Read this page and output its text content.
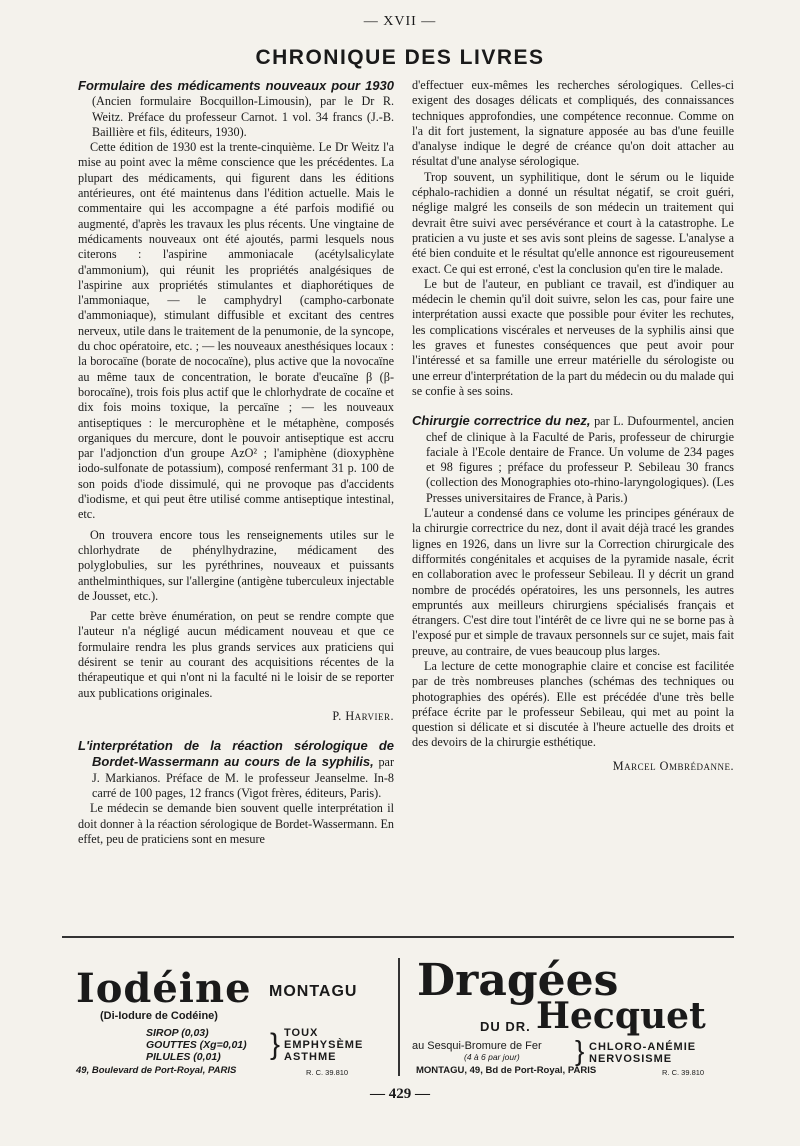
— XVII —
CHRONIQUE DES LIVRES

Formulaire des médicaments nouveaux pour 1930 (Ancien formulaire Bocquillon-Limousin), par le Dr R. Weitz. Préface du professeur Carnot. 1 vol. 34 francs (J.-B. Baillière et fils, éditeurs, 1930).

Cette édition de 1930 est la trente-cinquième. Le Dr Weitz l'a mise au point avec la même conscience que les précédentes. La plupart des médicaments, qui figurent dans les éditions antérieures, ont été maintenus dans l'édition actuelle. Mais le commentaire qui les accompagne a été parfois modifié ou augmenté, d'après les travaux les plus récents. Une vingtaine de médicaments nouveaux ont été ajoutés, parmi lesquels nous citerons : l'aspirine ammoniacale (acétylsalicylate d'ammonium), qui réunit les propriétés analgésiques de l'aspirine aux propriétés stimulantes et diaphorétiques de l'ammoniaque, — le camphydryl (campho-carbonate d'ammoniaque), stimulant diffusible et excitant des centres nerveux, utile dans le traitement de la penumonie, de la syncope, du choc opératoire, etc. ; — les nouveaux anesthésiques locaux : la borocaïne (borate de nococaïne), plus active que la novocaïne au même taux de concentration, le borate d'eucaïne β (β-borocaïne), trois fois plus actif que le chlorhydrate de cocaïne et dix fois moins toxique, la percaïne ; — les nouveaux antiseptiques : le mercurophène et le métaphène, composés organiques du mercure, dont le pouvoir antiseptique est accru par l'adjonction d'un groupe AzO² ; l'amiphène (dioxyphène iodo-sulfonate de potassium), composé renfermant 31 p. 100 de son poids d'iode dissimulé, qui ne provoque pas d'accidents d'iodisme, et qui peut être utilisé comme antiseptique intestinal, etc.

On trouvera encore tous les renseignements utiles sur le chlorhydrate de phénylhydrazine, médicament des polyglobulies, sur les pyréthrines, nouveaux et puissants anthelminthiques, sur l'allergine (antigène tuberculeux injectable de Jousset, etc.).

Par cette brève énumération, on peut se rendre compte que l'auteur n'a négligé aucun médicament nouveau et que ce formulaire rendra les plus grands services aux praticiens qui désirent se tenir au courant des acquisitions récentes de la thérapeutique et qui n'ont ni la faculté ni le loisir de se reporter aux publications originales.

P. Harvier.

L'interprétation de la réaction sérologique de Bordet-Wassermann au cours de la syphilis, par J. Markianos. Préface de M. le professeur Jeanselme. In-8 carré de 100 pages, 12 francs (Vigot frères, éditeurs, Paris).

Le médecin se demande bien souvent quelle interprétation il doit donner à la réaction sérologique de Bordet-Wassermann. En effet, peu de praticiens sont en mesure

d'effectuer eux-mêmes les recherches sérologiques. Celles-ci exigent des dosages délicats et compliqués, des connaissances techniques approfondies, une compétence reconnue. Comme on l'a dit fort justement, la signature apposée au bas d'une feuille d'analyse indique le degré de créance qu'on doit attacher au résultat d'une analyse sérologique.

Trop souvent, un syphilitique, dont le sérum ou le liquide céphalo-rachidien a donné un résultat négatif, se croit guéri, néglige malgré les conseils de son médecin un traitement qui devrait être suivi avec persévérance et court à la catastrophe. Le praticien a vu juste et ses avis sont pleins de sagesse. L'analyse a été bien conduite et le résultat qu'elle annonce est rigoureusement exact. Ce qui est erroné, c'est la conclusion qu'en tire le malade.

Le but de l'auteur, en publiant ce travail, est d'indiquer au médecin le chemin qu'il doit suivre, selon les cas, pour faire une interprétation aussi exacte que possible pour éviter les rechutes, les complications viscérales et nerveuses de la syphilis ainsi que les graves et funestes conséquences que peut avoir pour l'intéressé et sa famille une erreur matérielle du sérologiste ou une erreur d'interprétation de la part du médecin ou du malade qui se confie à ses soins.

Chirurgie correctrice du nez, par L. Dufourmentel, ancien chef de clinique à la Faculté de Paris, professeur de chirurgie faciale à l'Ecole dentaire de France. Un volume de 234 pages et 98 figures ; préface du professeur P. Sebileau 30 francs (collection des Monographies oto-rhino-laryngologiques). (Les Presses universitaires de France, à Paris.)

L'auteur a condensé dans ce volume les principes généraux de la chirurgie correctrice du nez, dont il avait déjà tracé les grandes lignes en 1926, dans un livre sur la Correction chirurgicale des difformités congénitales et acquises de la pyramide nasale, écrit en collaboration avec le professeur Sebileau. Il y décrit un grand nombre de procédés opératoires, les uns personnels, les autres empruntés aux meilleurs chirurgiens spécialisés français et étrangers. C'est dire tout l'intérêt de ce livre qui ne se borne pas à l'exposé pur et simple de travaux personnels sur ce sujet, mais fait preuve, au contraire, de vues beaucoup plus larges.

La lecture de cette monographie claire et concise est facilitée par de très nombreuses planches (schémas des techniques ou photographies des opérés). Elle est précédée d'une très belle préface écrite par le professeur Sebileau, qui met au point la question si délicate et si discutée à l'heure actuelle des droits et des devoirs de la chirurgie esthétique.

Marcel Ombrédanne.

Iodéine MONTAGU
(Di-Iodure de Codéine)
SIROP (0,03)
GOUTTES (Xg=0,01)
PILULES (0,01)	} TOUX
EMPHYSÈME
ASTHME
49, Boulevard de Port-Royal, PARIS	R. C. 39.810
Dragées
DU DR. Hecquet
au Sesqui-Bromure de Fer
(4 à 6 par jour) } CHLORO-ANÉMIE
NERVOSISME
MONTAGU, 49, Bd de Port-Royal, PARIS	R. C. 39.810
— 429 —
